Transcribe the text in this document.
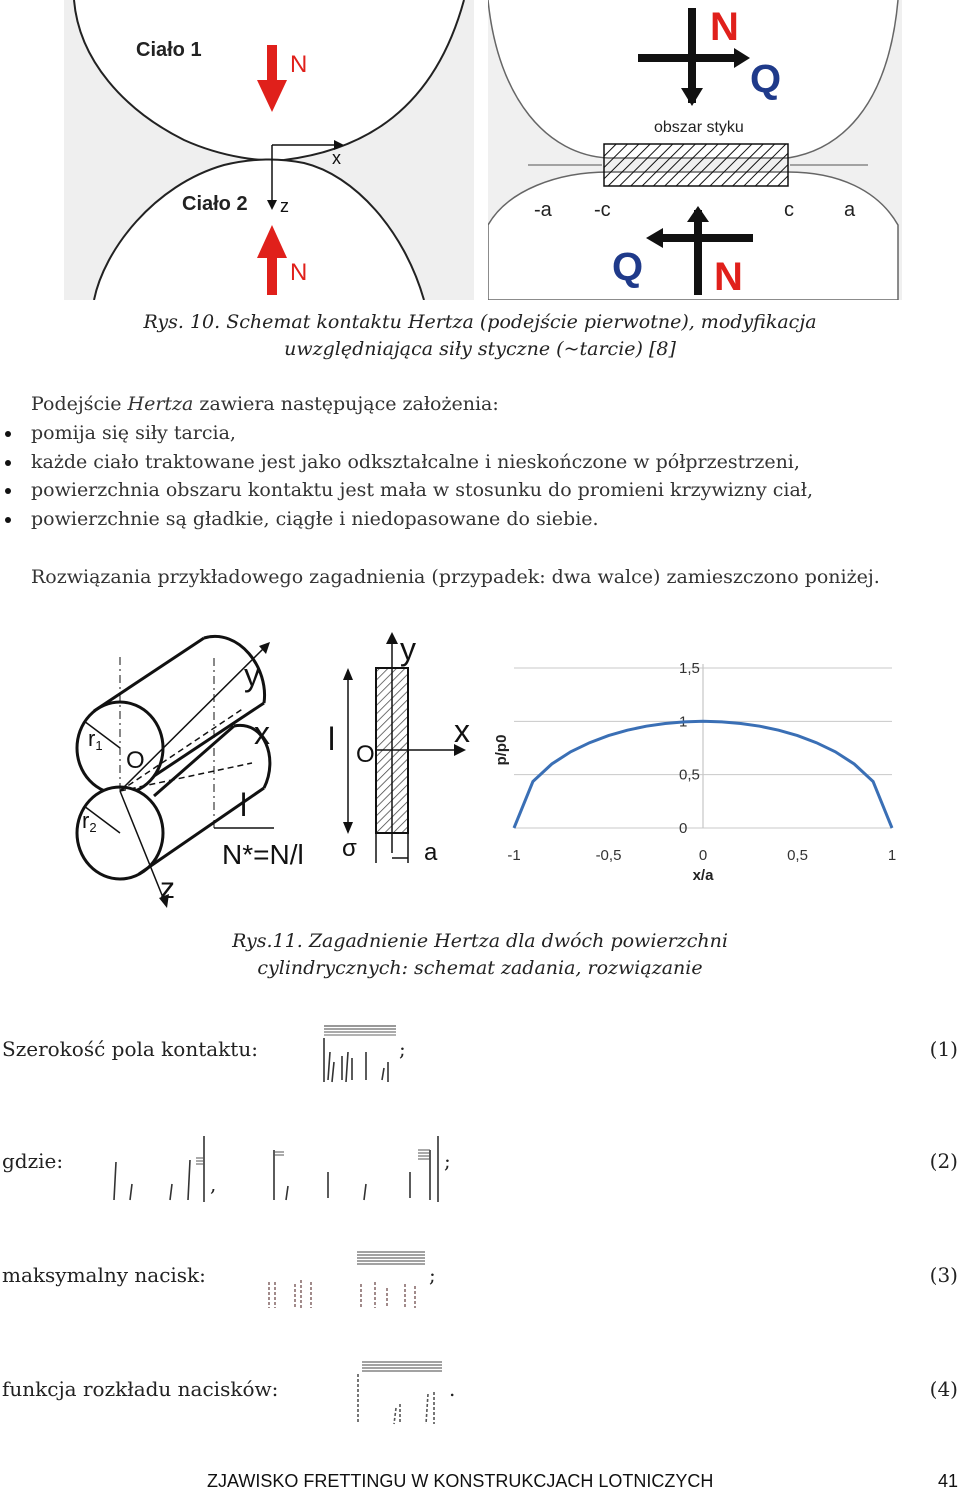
Ciało 1
Ciało 2
N
N
x
z
N
Q
obszar styku
-a -c	c	a
Q N
Rys. 10. Schemat kontaktu Hertza (podejście pierwotne), modyfikacja
uwzględniająca siły styczne (~tarcie) [8]
Podejście Hertza zawiera następujące założenia:
pomija się siły tarcia,
każde ciało traktowane jest jako odkształcalne i nieskończone w półprzestrzeni,
powierzchnia obszaru kontaktu jest mała w stosunku do promieni krzywizny ciał,
powierzchnie są gładkie, ciągłe i niedopasowane do siebie.
Rozwiązania przykładowego zagadnienia (przypadek: dwa walce) zamieszczono poniżej.
y
x
r1
r2
O
l
N*=N/l
z
y
l O
x
σ	a
1,5
1
0,5
0
-1	-0,5	0	0,5	1
p/p0
x/a
Rys.11. Zagadnienie Hertza dla dwóch powierzchni
cylindrycznych: schemat zadania, rozwiązanie
Szerokość pola kontaktu:	;	(1)
gdzie:
,
;	(2)
maksymalny nacisk:	;	(3)
funkcja rozkładu nacisków:	.	(4)
ZJAWISKO FRETTINGU W KONSTRUKCJACH LOTNICZYCH	41
